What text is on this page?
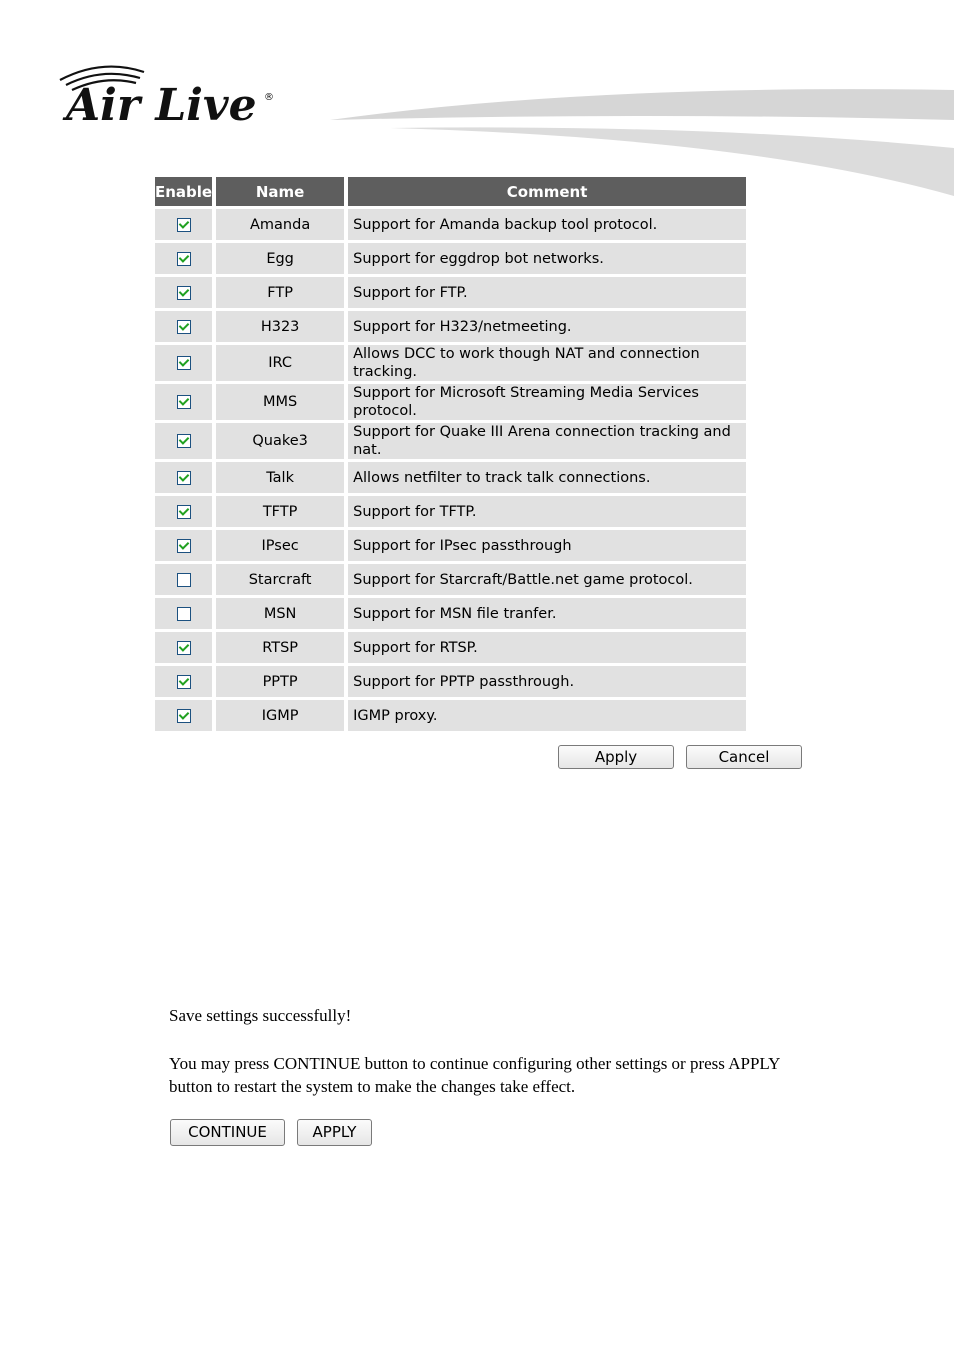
Air Live ®
Enable	Name	Comment
	Amanda	Support for Amanda backup tool protocol.
	Egg	Support for eggdrop bot networks.
	FTP	Support for FTP.
	H323	Support for H323/netmeeting.
	IRC	Allows DCC to work though NAT and connection tracking.
	MMS	Support for Microsoft Streaming Media Services protocol.
	Quake3	Support for Quake III Arena connection tracking and nat.
	Talk	Allows netfilter to track talk connections.
	TFTP	Support for TFTP.
	IPsec	Support for IPsec passthrough
	Starcraft	Support for Starcraft/Battle.net game protocol.
	MSN	Support for MSN file tranfer.
	RTSP	Support for RTSP.
	PPTP	Support for PPTP passthrough.
	IGMP	IGMP proxy.
Apply	Cancel
Save settings successfully!
You may press CONTINUE button to continue configuring other settings or press APPLY button to restart the system to make the changes take effect.
CONTINUE	APPLY
